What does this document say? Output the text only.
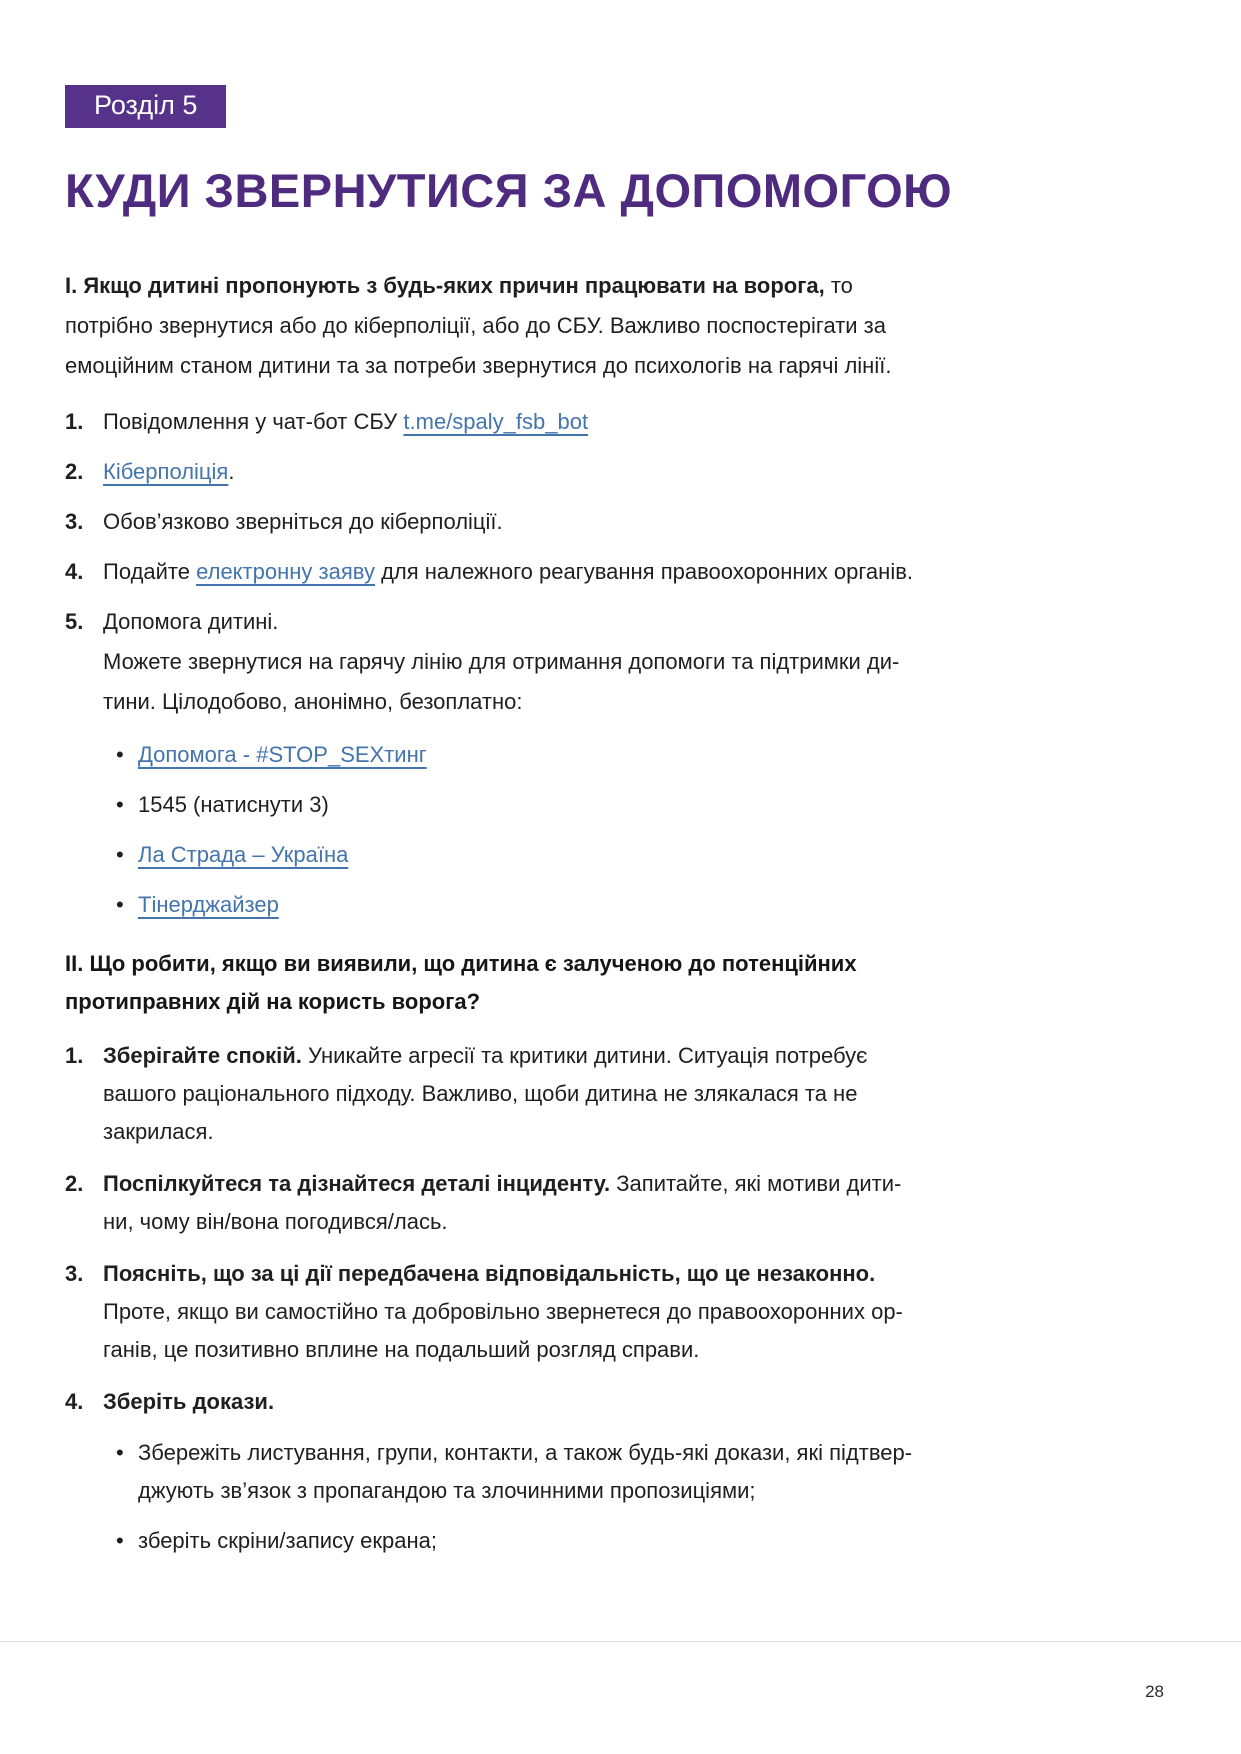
Розділ 5
КУДИ ЗВЕРНУТИСЯ ЗА ДОПОМОГОЮ
І. Якщо дитині пропонують з будь-яких причин працювати на ворога, то
потрібно звернутися або до кіберполіції, або до СБУ. Важливо поспостерігати за
емоційним станом дитини та за потреби звернутися до психологів на гарячі лінії.
1. Повідомлення у чат-бот СБУ t.me/spaly_fsb_bot
2. Кіберполіція.
3. Обов’язково зверніться до кіберполіції.
4. Подайте електронну заяву для належного реагування правоохоронних органів.
5. Допомога дитині.
Можете звернутися на гарячу лінію для отримання допомоги та підтримки ди-
тини. Цілодобово, анонімно, безоплатно:
• Допомога - #STOP_SEXтинг
• 1545 (натиснути 3)
• Ла Страда – Україна
• Тінерджайзер
ІІ. Що робити, якщо ви виявили, що дитина є залученою до потенційних
протиправних дій на користь ворога?
1. Зберігайте спокій. Уникайте агресії та критики дитини. Ситуація потребує
вашого раціонального підходу. Важливо, щоби дитина не злякалася та не
закрилася.
2. Поспілкуйтеся та дізнайтеся деталі інциденту. Запитайте, які мотиви дити-
ни, чому він/вона погодився/лась.
3. Поясніть, що за ці дії передбачена відповідальність, що це незаконно.
Проте, якщо ви самостійно та добровільно звернетеся до правоохоронних ор-
ганів, це позитивно вплине на подальший розгляд справи.
4. Зберіть докази.
• Збережіть листування, групи, контакти, а також будь-які докази, які підтвер-
джують зв’язок з пропагандою та злочинними пропозиціями;
• зберіть скріни/запису екрана;
28
